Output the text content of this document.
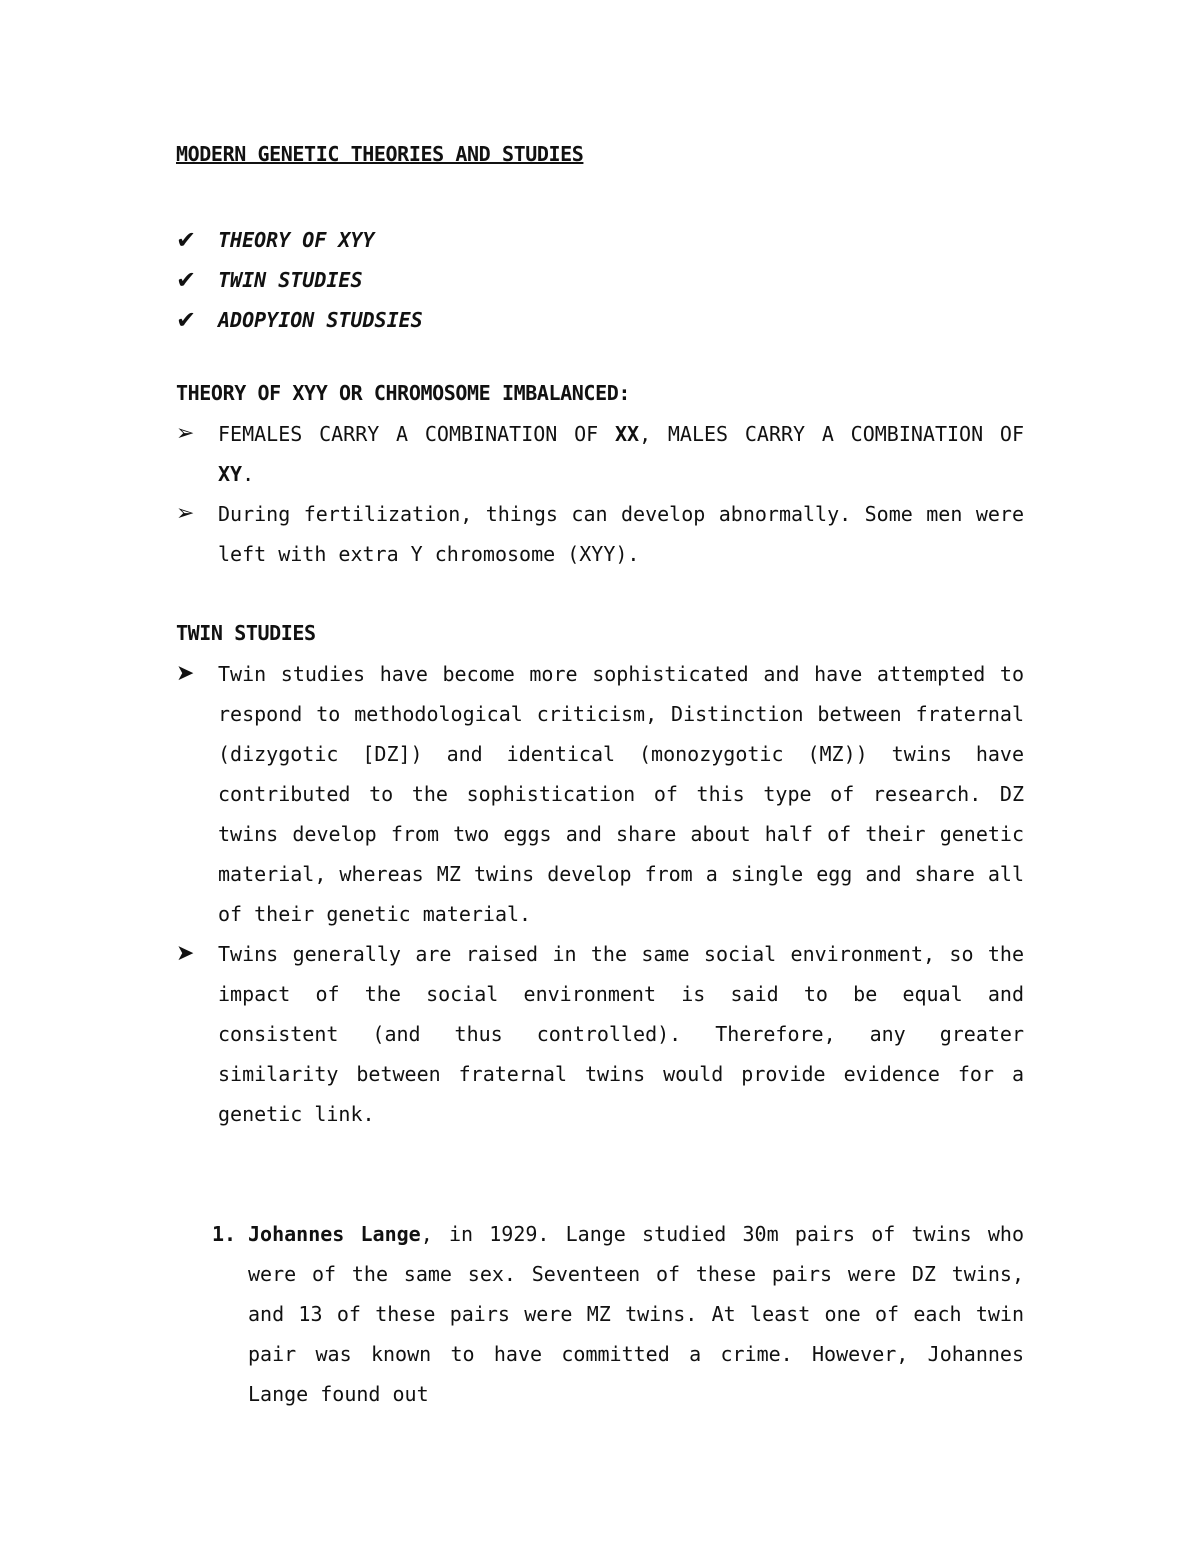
MODERN GENETIC THEORIES AND STUDIES
✔	THEORY OF XYY
✔	TWIN STUDIES
✔	ADOPYION STUDSIES
THEORY OF XYY OR CHROMOSOME IMBALANCED:
➢	FEMALES CARRY A COMBINATION OF XX, MALES CARRY A COMBINATION OF XY.
➢	During fertilization, things can develop abnormally. Some men were left with extra Y chromosome (XYY).
TWIN STUDIES
➤	Twin studies have become more sophisticated and have attempted to respond to methodological criticism, Distinction between fraternal (dizygotic [DZ]) and identical (monozygotic (MZ)) twins have contributed to the sophistication of this type of research. DZ twins develop from two eggs and share about half of their genetic material, whereas MZ twins develop from a single egg and share all of their genetic material.
➤	Twins generally are raised in the same social environment, so the impact of the social environment is said to be equal and consistent (and thus controlled). Therefore, any greater similarity between fraternal twins would provide evidence for a genetic link.
1. Johannes Lange, in 1929. Lange studied 30m pairs of twins who were of the same sex. Seventeen of these pairs were DZ twins, and 13 of these pairs were MZ twins. At least one of each twin pair was known to have committed a crime. However, Johannes Lange found out
